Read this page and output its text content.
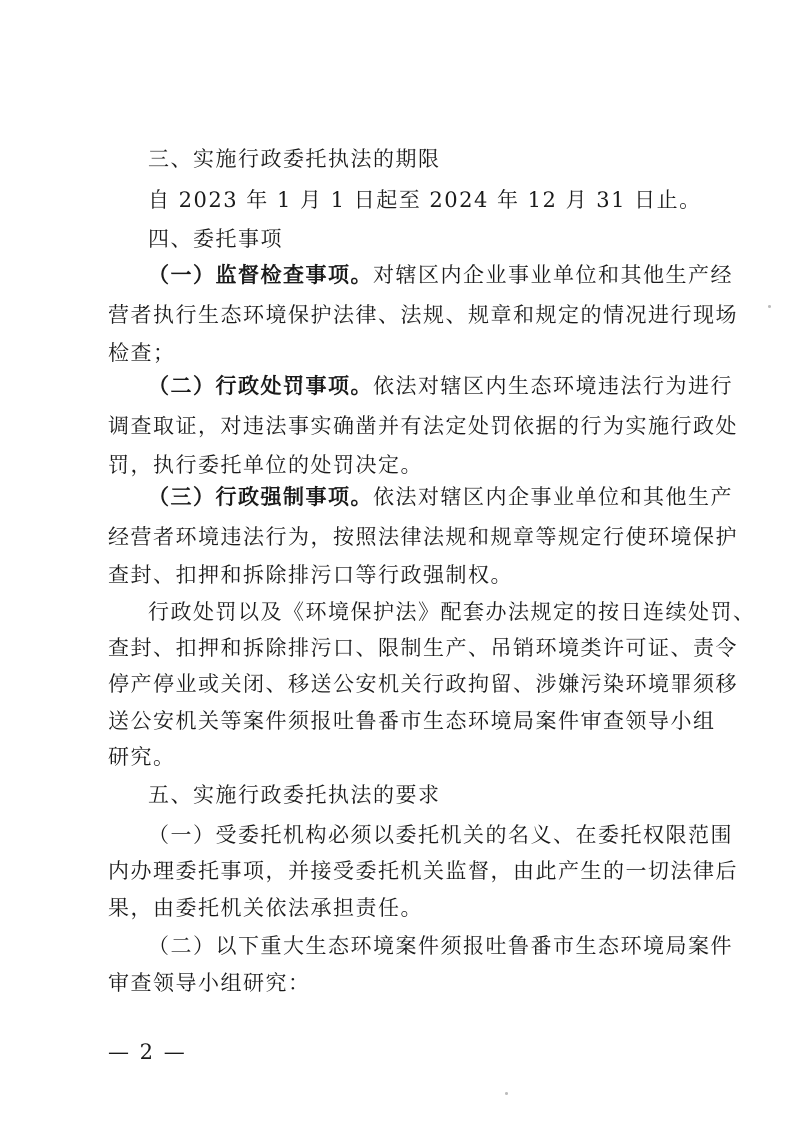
三、实施行政委托执法的期限
自 2023 年 1 月 1 日起至 2024 年 12 月 31 日止。
四、委托事项
（一）监督检查事项。对辖区内企业事业单位和其他生产经
营者执行生态环境保护法律、法规、规章和规定的情况进行现场
检查；
（二）行政处罚事项。依法对辖区内生态环境违法行为进行
调查取证，对违法事实确凿并有法定处罚依据的行为实施行政处
罚，执行委托单位的处罚决定。
（三）行政强制事项。依法对辖区内企事业单位和其他生产
经营者环境违法行为，按照法律法规和规章等规定行使环境保护
查封、扣押和拆除排污口等行政强制权。
行政处罚以及《环境保护法》配套办法规定的按日连续处罚、
查封、扣押和拆除排污口、限制生产、吊销环境类许可证、责令
停产停业或关闭、移送公安机关行政拘留、涉嫌污染环境罪须移
送公安机关等案件须报吐鲁番市生态环境局案件审查领导小组
研究。
五、实施行政委托执法的要求
（一）受委托机构必须以委托机关的名义、在委托权限范围
内办理委托事项，并接受委托机关监督，由此产生的一切法律后
果，由委托机关依法承担责任。
（二）以下重大生态环境案件须报吐鲁番市生态环境局案件
审查领导小组研究：
— 2 —
